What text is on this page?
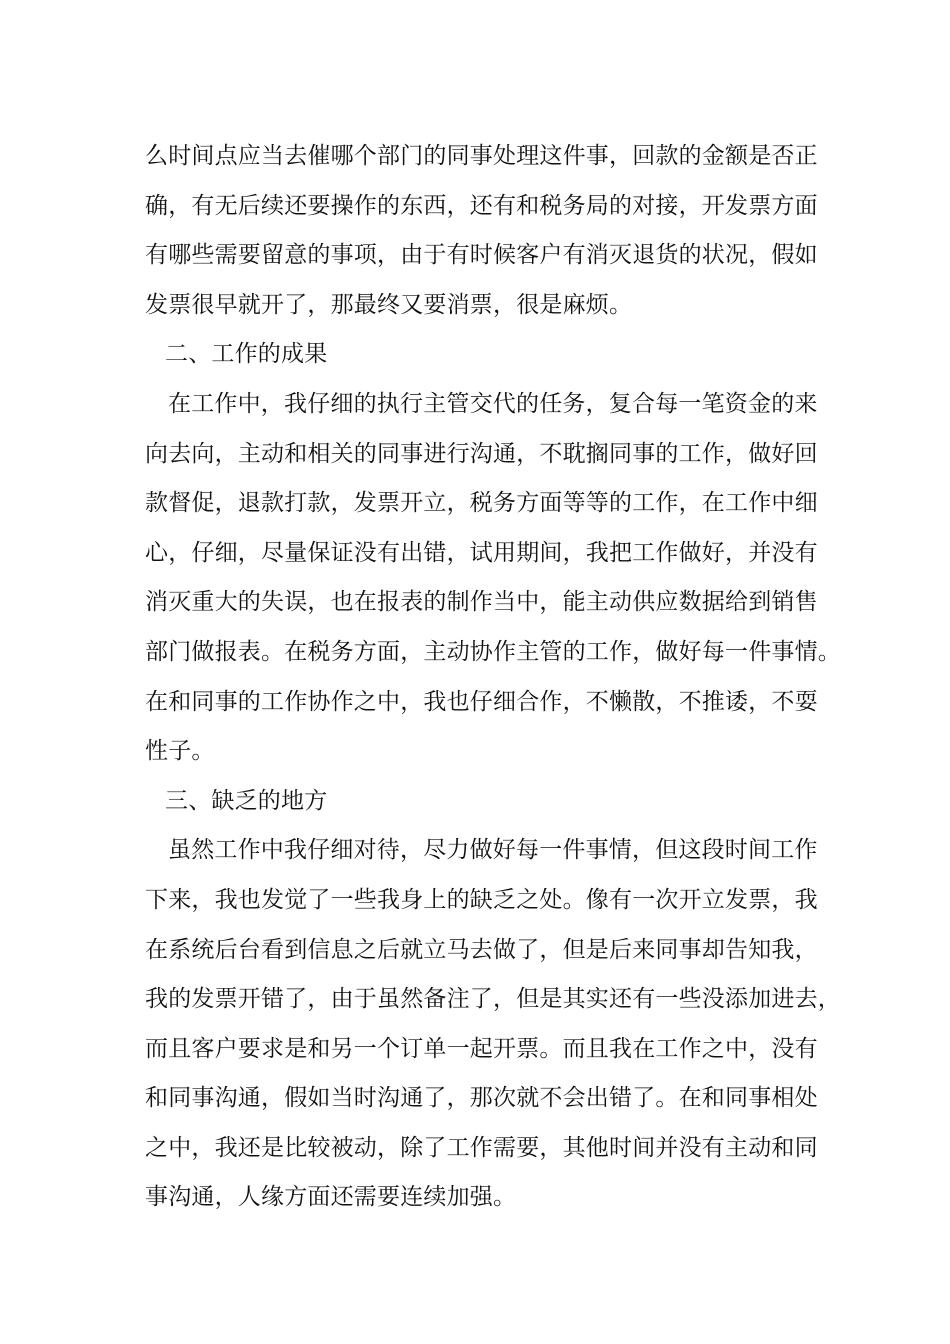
么时间点应当去催哪个部门的同事处理这件事，回款的金额是否正
确，有无后续还要操作的东西，还有和税务局的对接，开发票方面
有哪些需要留意的事项，由于有时候客户有消灭退货的状况，假如
发票很早就开了，那最终又要消票，很是麻烦。
二、工作的成果
在工作中，我仔细的执行主管交代的任务，复合每一笔资金的来
向去向，主动和相关的同事进行沟通，不耽搁同事的工作，做好回
款督促，退款打款，发票开立，税务方面等等的工作，在工作中细
心，仔细，尽量保证没有出错，试用期间，我把工作做好，并没有
消灭重大的失误，也在报表的制作当中，能主动供应数据给到销售
部门做报表。在税务方面，主动协作主管的工作，做好每一件事情。
在和同事的工作协作之中，我也仔细合作，不懒散，不推诿，不耍
性子。
三、缺乏的地方
虽然工作中我仔细对待，尽力做好每一件事情，但这段时间工作
下来，我也发觉了一些我身上的缺乏之处。像有一次开立发票，我
在系统后台看到信息之后就立马去做了，但是后来同事却告知我，
我的发票开错了，由于虽然备注了，但是其实还有一些没添加进去，
而且客户要求是和另一个订单一起开票。而且我在工作之中，没有
和同事沟通，假如当时沟通了，那次就不会出错了。在和同事相处
之中，我还是比较被动，除了工作需要，其他时间并没有主动和同
事沟通，人缘方面还需要连续加强。
